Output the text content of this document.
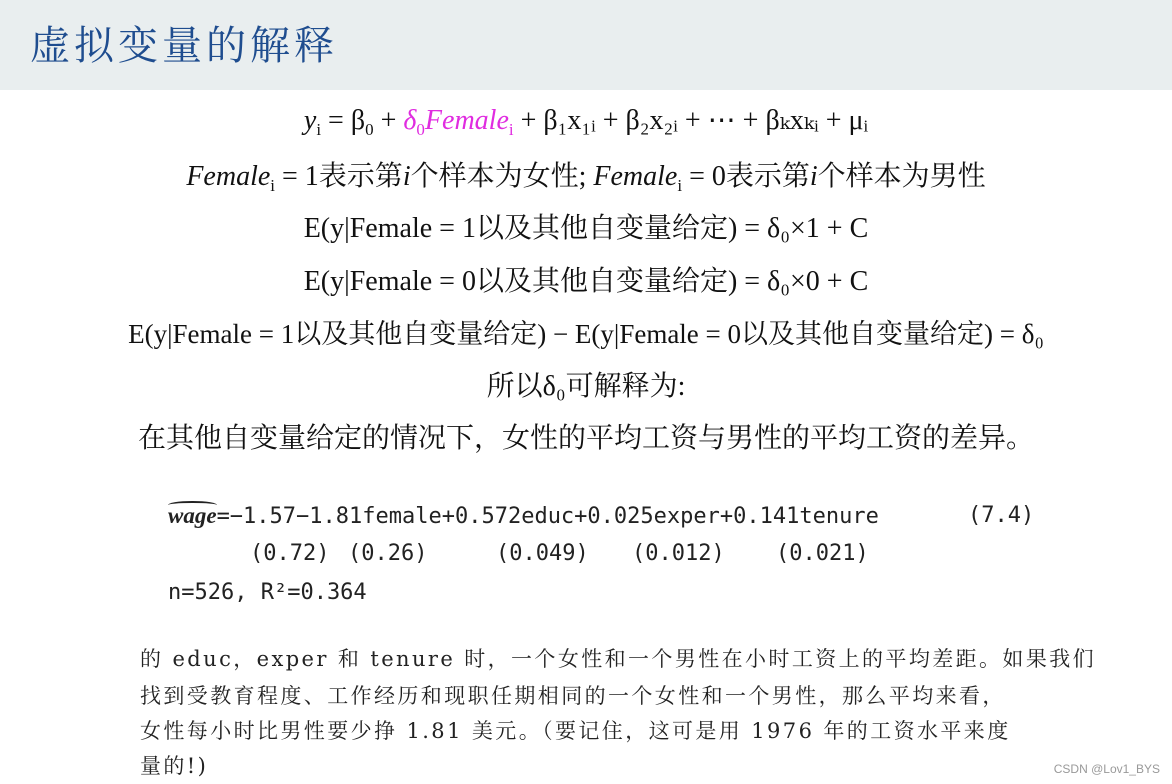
虚拟变量的解释
$y_i = \beta_0$ + $\delta_0Female_i$ + β₁x₁ᵢ + β₂x₂ᵢ + ⋯ + βₖxₖᵢ + μᵢ
Female$_i$ = 1表示第i个样本为女性; Female$_i$ = 0表示第i个样本为男性
E(y|Female = 1以及其他自变量给定) = δ₀×1 + C
E(y|Female = 0以及其他自变量给定) = δ₀×0 + C
E(y|Female = 1以及其他自变量给定) − E(y|Female = 0以及其他自变量给定) = δ₀
所以δ₀可解释为:
在其他自变量给定的情况下，女性的平均工资与男性的平均工资的差异。
wage=−1.57−1.81female+0.572educ+0.025exper+0.141tenure	(7.4)
(0.72) (0.26)	(0.049) (0.012) (0.021)
n=526, R²=0.364
的 educ，exper 和 tenure 时，一个女性和一个男性在小时工资上的平均差距。如果我们
找到受教育程度、工作经历和现职任期相同的一个女性和一个男性，那么平均来看，
女性每小时比男性要少挣 1.81 美元。（要记住，这可是用 1976 年的工资水平来度
量的!)	CSDN @Lov1_BYS
